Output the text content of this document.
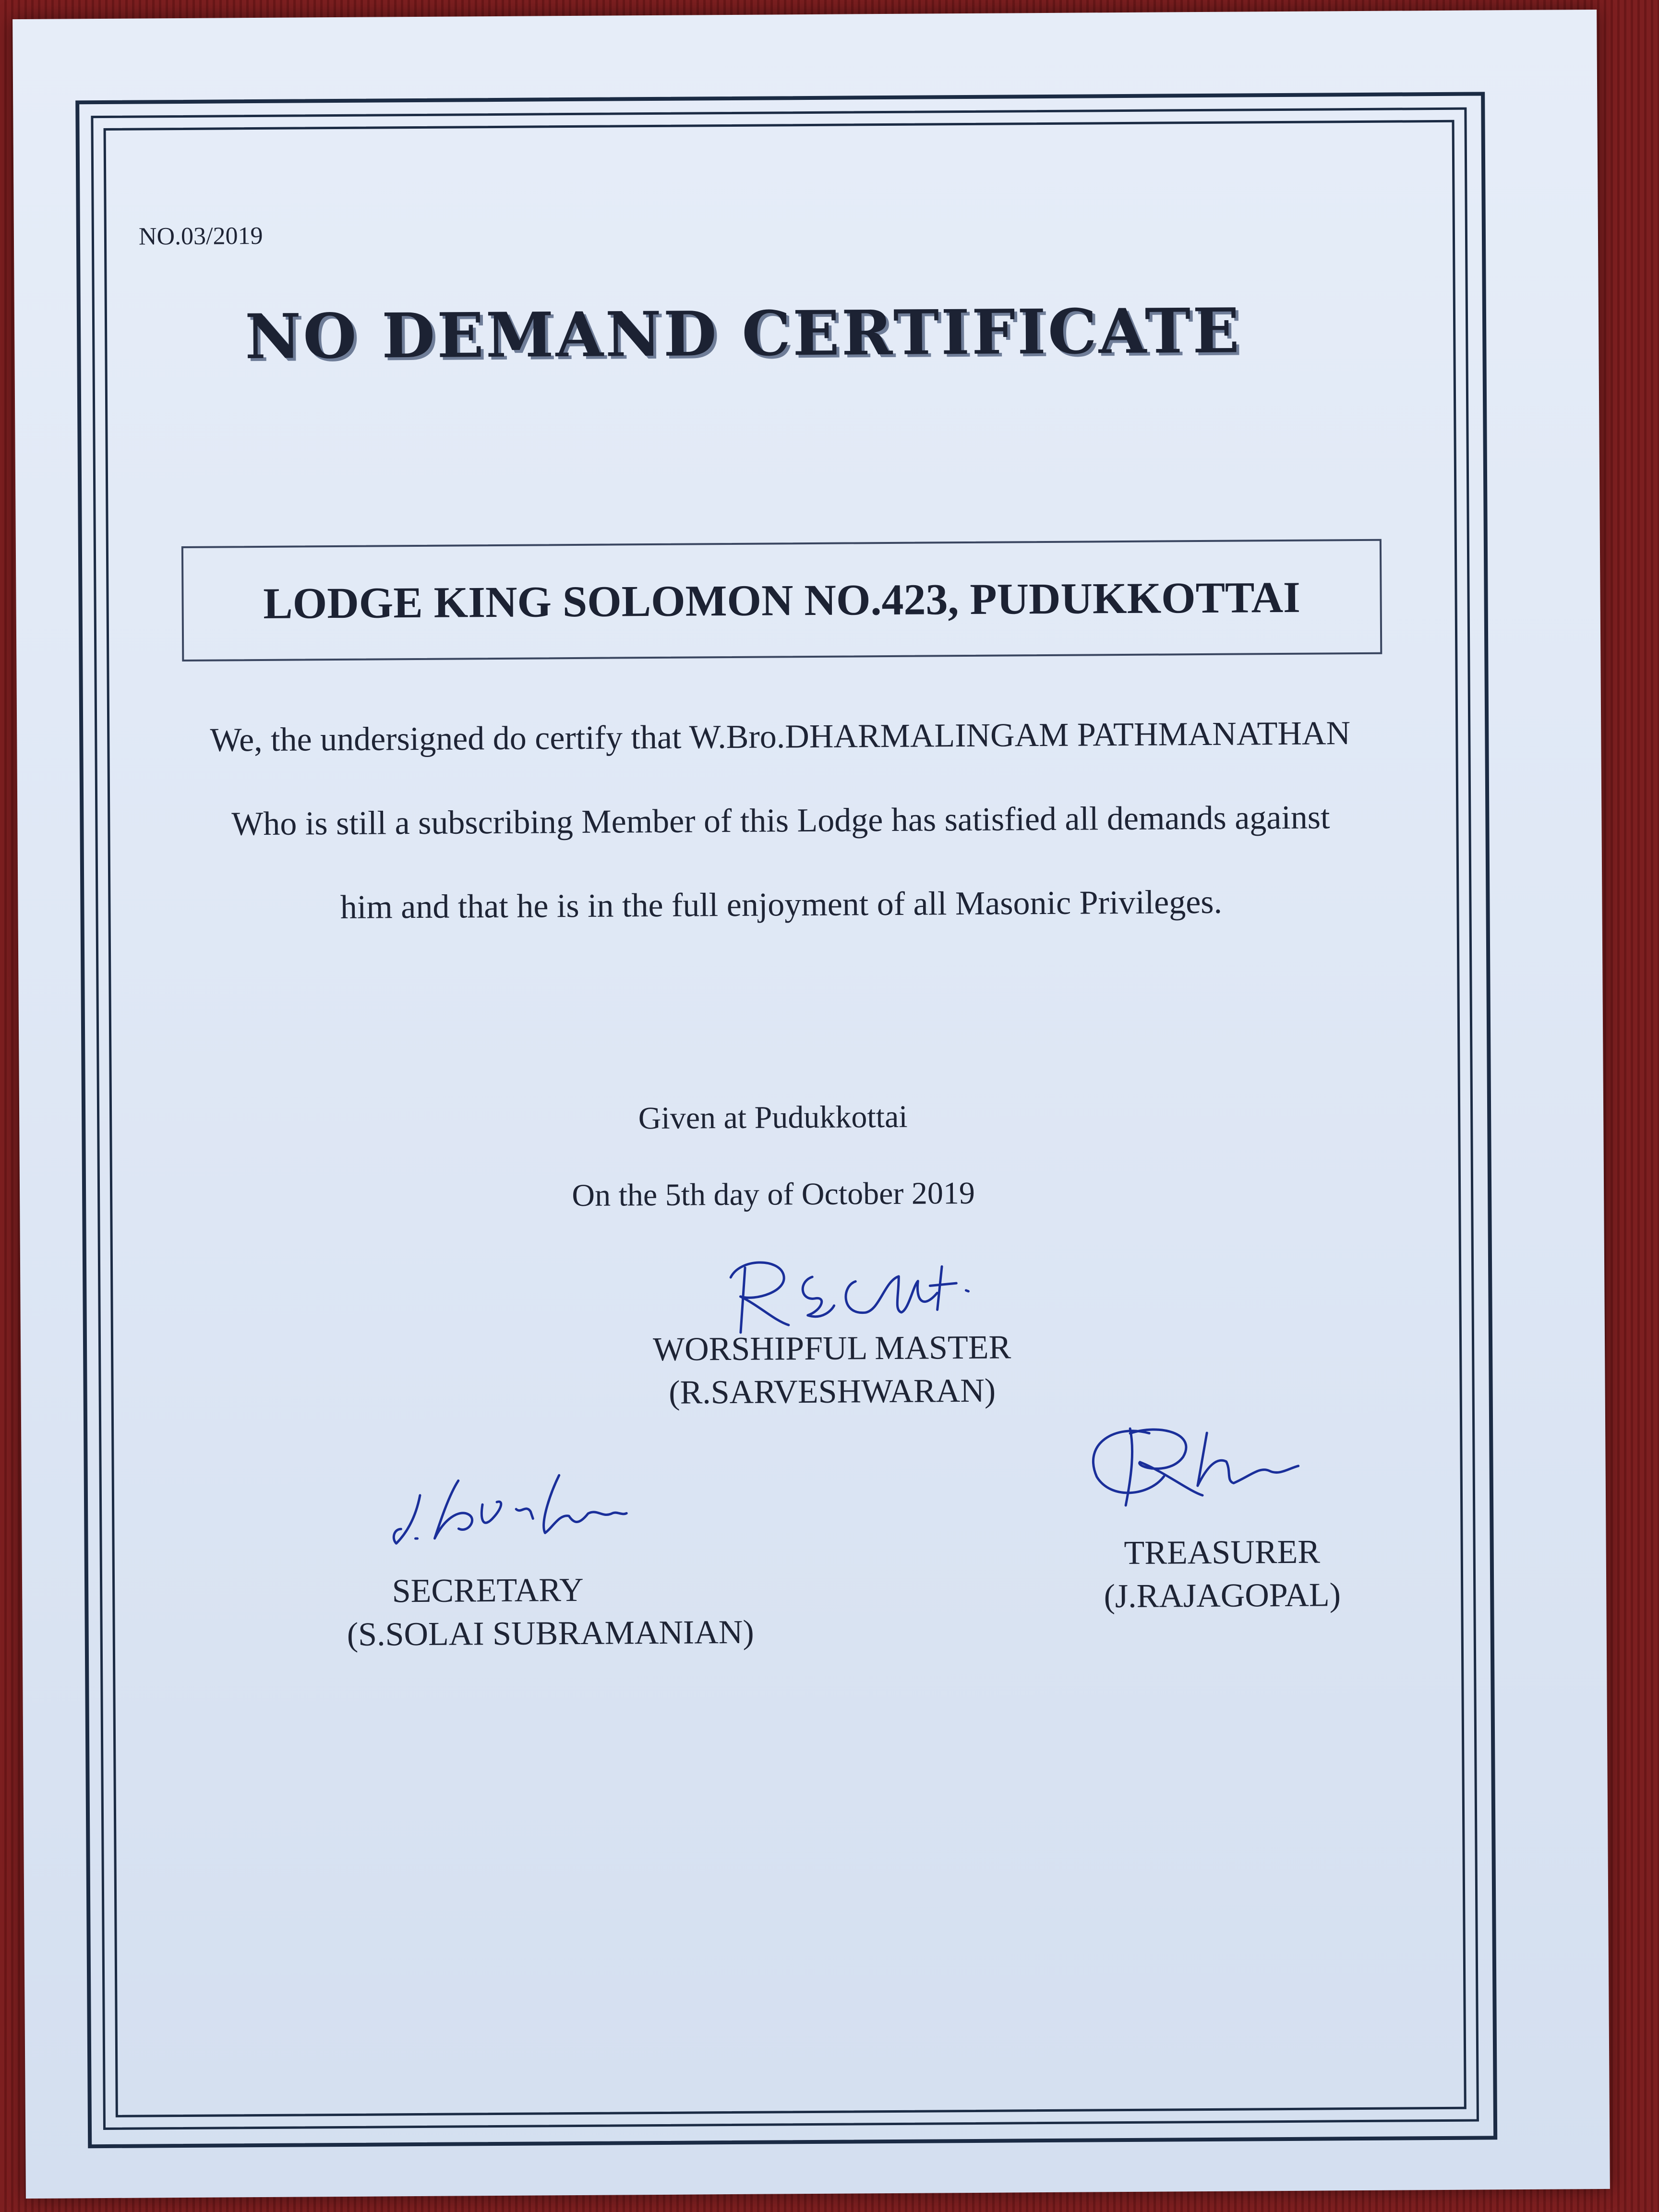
NO.03/2019
NO DEMAND CERTIFICATE
LODGE KING SOLOMON NO.423, PUDUKKOTTAI
We, the undersigned do certify that W.Bro.DHARMALINGAM PATHMANATHAN
Who is still a subscribing Member of this Lodge has satisfied all demands against
him and that he is in the full enjoyment of all Masonic Privileges.
Given at Pudukkottai
On the 5th day of October 2019
WORSHIPFUL MASTER
(R.SARVESHWARAN)
SECRETARY
(S.SOLAI SUBRAMANIAN)
TREASURER
(J.RAJAGOPAL)
